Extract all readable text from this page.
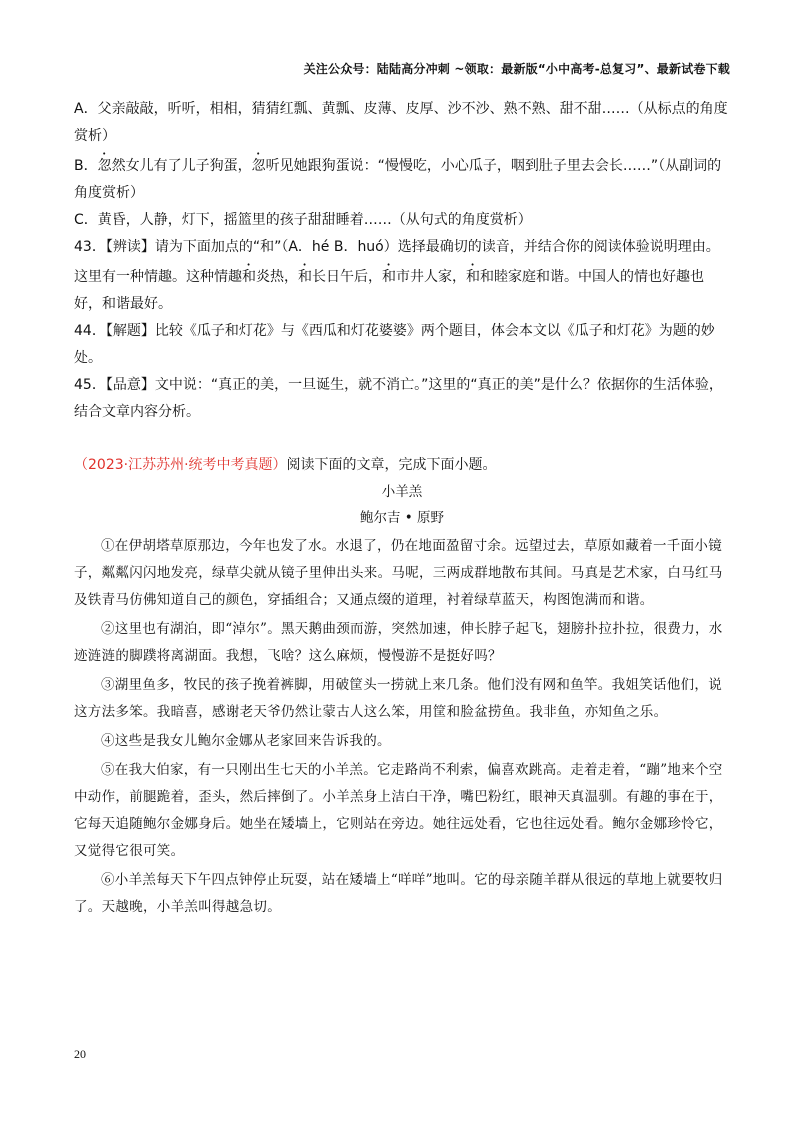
关注公众号：陆陆高分冲刺 ~领取：最新版“小中高考-总复习”、最新试卷下载

A．父亲敲敲，听听，相相，猜猜红瓢、黄瓢、皮薄、皮厚、沙不沙、熟不熟、甜不甜……（从标点的角度赏析）

B．忽然女儿有了儿子狗蛋，忽听见她跟狗蛋说：“慢慢吃，小心瓜子，咽到肚子里去会长……”（从副词的角度赏析）

C．黄昏，人静，灯下，摇篮里的孩子甜甜睡着……（从句式的角度赏析）

43．【辨读】请为下面加点的“和”（A．hé B．huó）选择最确切的读音，并结合你的阅读体验说明理由。

这里有一种情趣。这种情趣和炎热，和长日午后，和市井人家，和和睦家庭和谐。中国人的情也好趣也好，和谐最好。

44．【解题】比较《瓜子和灯花》与《西瓜和灯花婆婆》两个题目，体会本文以《瓜子和灯花》为题的妙处。

45．【品意】文中说：“真正的美，一旦诞生，就不消亡。”这里的“真正的美”是什么？依据你的生活体验，结合文章内容分析。

（2023·江苏苏州·统考中考真题）阅读下面的文章，完成下面小题。

小羊羔
鲍尔吉 • 原野

①在伊胡塔草原那边，今年也发了水。水退了，仍在地面盈留寸余。远望过去，草原如藏着一千面小镜子，粼粼闪闪地发亮，绿草尖就从镜子里伸出头来。马呢，三两成群地散布其间。马真是艺术家，白马红马及铁青马仿佛知道自己的颜色，穿插组合；又通点缀的道理，衬着绿草蓝天，构图饱满而和谐。

②这里也有湖泊，即“淖尔”。黑天鹅曲颈而游，突然加速，伸长脖子起飞，翅膀扑拉扑拉，很费力，水迹涟涟的脚蹼将离湖面。我想，飞啥？这么麻烦，慢慢游不是挺好吗？

③湖里鱼多，牧民的孩子挽着裤脚，用破筐头一捞就上来几条。他们没有网和鱼竿。我姐笑话他们，说这方法多笨。我暗喜，感谢老天爷仍然让蒙古人这么笨，用筐和脸盆捞鱼。我非鱼，亦知鱼之乐。

④这些是我女儿鲍尔金娜从老家回来告诉我的。

⑤在我大伯家，有一只刚出生七天的小羊羔。它走路尚不利索，偏喜欢跳高。走着走着，“蹦”地来个空中动作，前腿跪着，歪头，然后摔倒了。小羊羔身上洁白干净，嘴巴粉红，眼神天真温驯。有趣的事在于，它每天追随鲍尔金娜身后。她坐在矮墙上，它则站在旁边。她往远处看，它也往远处看。鲍尔金娜珍怜它，又觉得它很可笑。

⑥小羊羔每天下午四点钟停止玩耍，站在矮墙上“咩咩”地叫。它的母亲随羊群从很远的草地上就要牧归了。天越晚，小羊羔叫得越急切。

20
